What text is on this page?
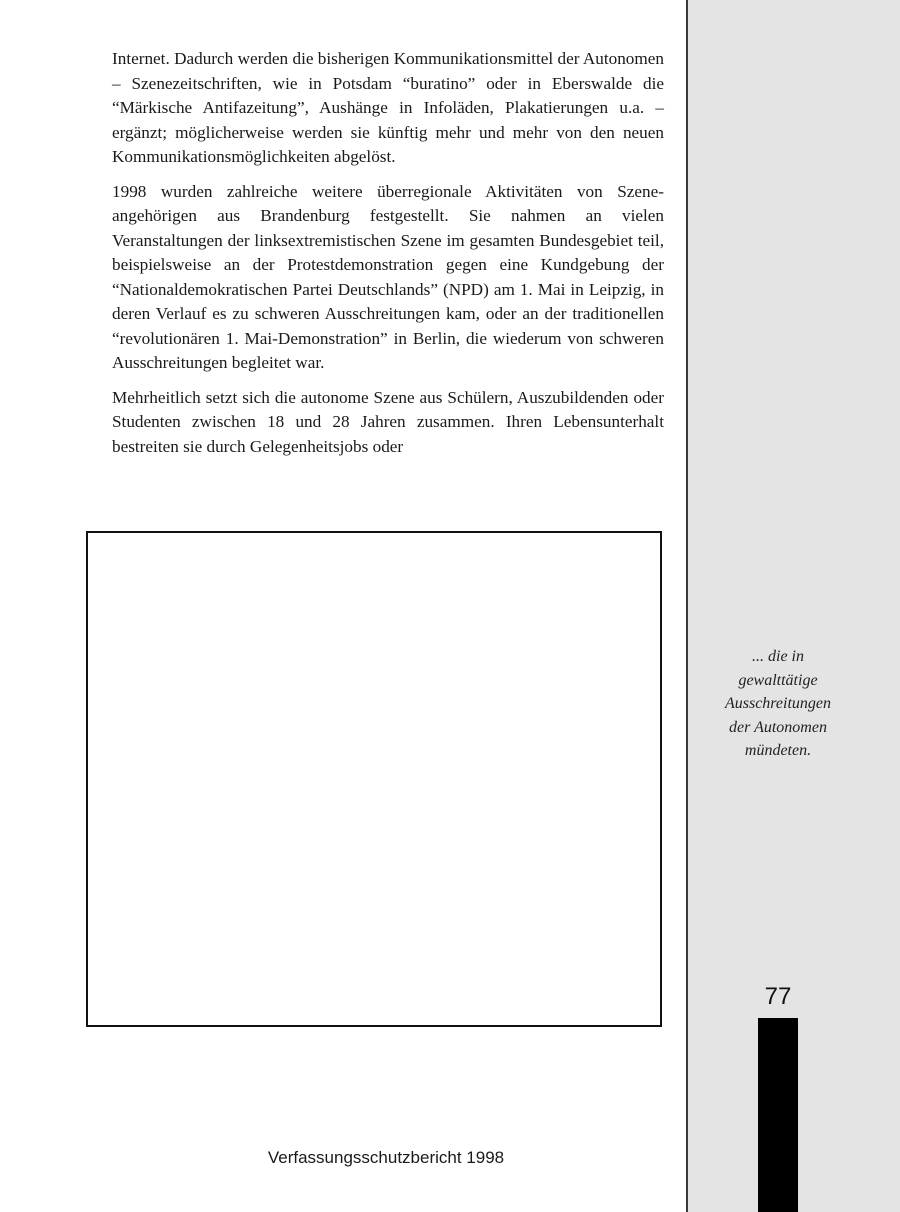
Internet. Dadurch werden die bisherigen Kommunikationsmittel der Autonomen – Szenezeitschriften, wie in Potsdam “buratino” oder in Eberswalde die “Märkische Antifazeitung”, Aushänge in Infoläden, Plakatierungen u.a. – ergänzt; möglicherweise werden sie künftig mehr und mehr von den neuen Kommunikationsmöglichkeiten abgelöst.

1998 wurden zahlreiche weitere überregionale Aktivitäten von Szeneangehörigen aus Brandenburg festgestellt. Sie nahmen an vielen Veranstaltungen der linksextremistischen Szene im gesamten Bundesgebiet teil, beispielsweise an der Protestdemonstration gegen eine Kundgebung der “Nationaldemokratischen Partei Deutschlands” (NPD) am 1. Mai in Leipzig, in deren Verlauf es zu schweren Ausschreitungen kam, oder an der traditionellen “revolutionären 1. Mai-Demonstration” in Berlin, die wiederum von schweren Ausschreitungen begleitet war.

Mehrheitlich setzt sich die autonome Szene aus Schülern, Auszubildenden oder Studenten zwischen 18 und 28 Jahren zusammen. Ihren Lebensunterhalt bestreiten sie durch Gelegenheitsjobs oder

... die in
gewalttätige
Ausschreitungen
der Autonomen
mündeten.
77
Verfassungsschutzbericht 1998
